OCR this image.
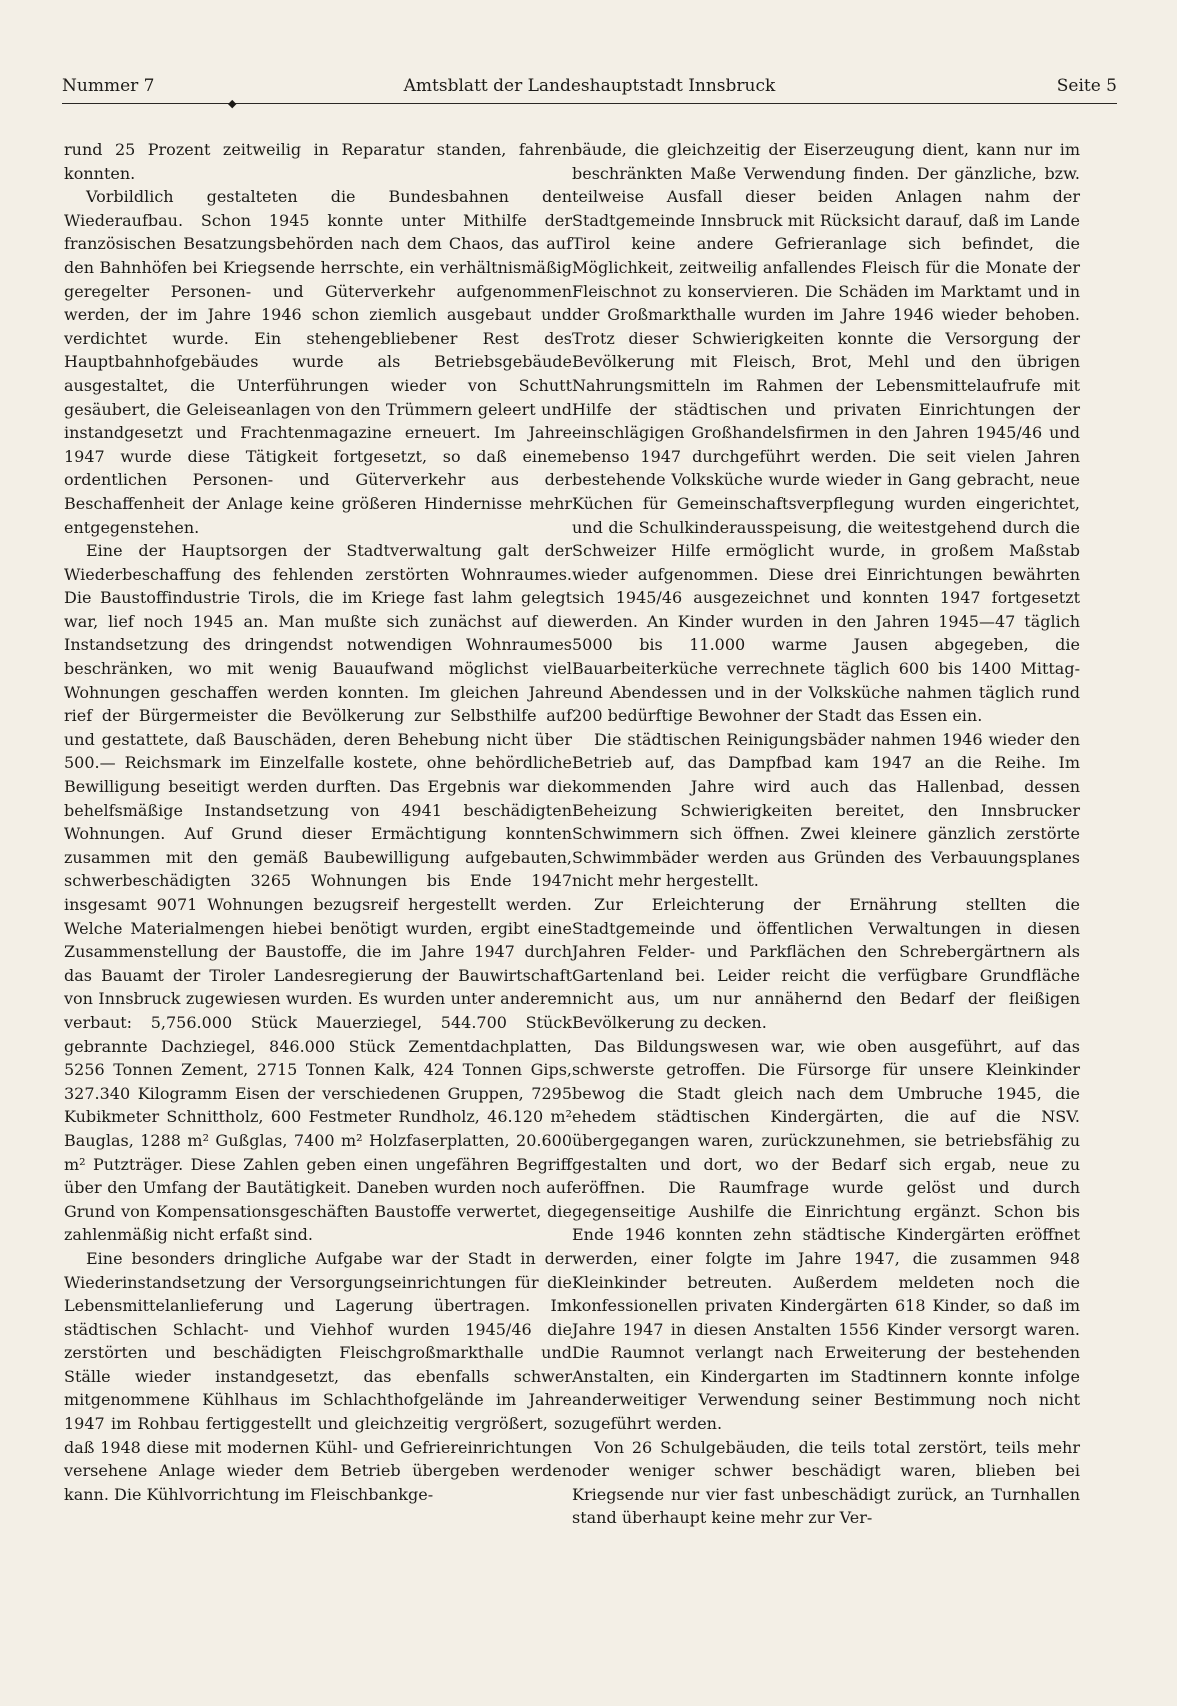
Nummer 7	Amtsblatt der Landeshauptstadt Innsbruck	Seite 5
◆

rund 25 Prozent zeitweilig in Reparatur standen, fahren konnten.

Vorbildlich gestalteten die Bundesbahnen den Wiederaufbau. Schon 1945 konnte unter Mithilfe der französischen Besatzungsbehörden nach dem Chaos, das auf den Bahnhöfen bei Kriegsende herrschte, ein verhältnismäßig geregelter Personen- und Güterverkehr aufgenommen werden, der im Jahre 1946 schon ziemlich ausgebaut und verdichtet wurde. Ein stehengebliebener Rest des Hauptbahnhofgebäudes wurde als Betriebsgebäude ausgestaltet, die Unterführungen wieder von Schutt gesäubert, die Geleiseanlagen von den Trümmern geleert und instandgesetzt und Frachtenmagazine erneuert. Im Jahre 1947 wurde diese Tätigkeit fortgesetzt, so daß einem ordentlichen Personen- und Güterverkehr aus der Beschaffenheit der Anlage keine größeren Hindernisse mehr entgegenstehen.

Eine der Hauptsorgen der Stadtverwaltung galt der Wiederbeschaffung des fehlenden zerstörten Wohnraumes. Die Baustoffindustrie Tirols, die im Kriege fast lahm gelegt war, lief noch 1945 an. Man mußte sich zunächst auf die Instandsetzung des dringendst notwendigen Wohnraumes beschränken, wo mit wenig Bauaufwand möglichst viel Wohnungen geschaffen werden konnten. Im gleichen Jahre rief der Bürgermeister die Bevölkerung zur Selbsthilfe auf und gestattete, daß Bauschäden, deren Behebung nicht über 500.— Reichsmark im Einzelfalle kostete, ohne behördliche Bewilligung beseitigt werden durften. Das Ergebnis war die behelfsmäßige Instandsetzung von 4941 beschädigten Wohnungen. Auf Grund dieser Ermächtigung konnten zusammen mit den gemäß Baubewilligung aufgebauten, schwerbeschädigten 3265 Wohnungen bis Ende 1947 insgesamt 9071 Wohnungen bezugsreif hergestellt werden. Welche Materialmengen hiebei benötigt wurden, ergibt eine Zusammenstellung der Baustoffe, die im Jahre 1947 durch das Bauamt der Tiroler Landesregierung der Bauwirtschaft von Innsbruck zugewiesen wurden. Es wurden unter anderem verbaut: 5,756.000 Stück Mauerziegel, 544.700 Stück gebrannte Dachziegel, 846.000 Stück Zementdachplatten, 5256 Tonnen Zement, 2715 Tonnen Kalk, 424 Tonnen Gips, 327.340 Kilogramm Eisen der verschiedenen Gruppen, 7295 Kubikmeter Schnittholz, 600 Festmeter Rundholz, 46.120 m² Bauglas, 1288 m² Gußglas, 7400 m² Holzfaserplatten, 20.600 m² Putzträger. Diese Zahlen geben einen ungefähren Begriff über den Umfang der Bautätigkeit. Daneben wurden noch auf Grund von Kompensationsgeschäften Baustoffe verwertet, die zahlenmäßig nicht erfaßt sind.

Eine besonders dringliche Aufgabe war der Stadt in der Wiederinstandsetzung der Versorgungseinrichtungen für die Lebensmittelanlieferung und Lagerung übertragen. Im städtischen Schlacht- und Viehhof wurden 1945/46 die zerstörten und beschädigten Fleischgroßmarkthalle und Ställe wieder instandgesetzt, das ebenfalls schwer mitgenommene Kühlhaus im Schlachthofgelände im Jahre 1947 im Rohbau fertiggestellt und gleichzeitig vergrößert, so daß 1948 diese mit modernen Kühl- und Gefriereinrichtungen versehene Anlage wieder dem Betrieb übergeben werden kann. Die Kühlvorrichtung im Fleischbankge-

bäude, die gleichzeitig der Eiserzeugung dient, kann nur im beschränkten Maße Verwendung finden. Der gänzliche, bzw. teilweise Ausfall dieser beiden Anlagen nahm der Stadtgemeinde Innsbruck mit Rücksicht darauf, daß im Lande Tirol keine andere Gefrieranlage sich befindet, die Möglichkeit, zeitweilig anfallendes Fleisch für die Monate der Fleischnot zu konservieren. Die Schäden im Marktamt und in der Großmarkthalle wurden im Jahre 1946 wieder behoben. Trotz dieser Schwierigkeiten konnte die Versorgung der Bevölkerung mit Fleisch, Brot, Mehl und den übrigen Nahrungsmitteln im Rahmen der Lebensmittelaufrufe mit Hilfe der städtischen und privaten Einrichtungen der einschlägigen Großhandelsfirmen in den Jahren 1945/46 und ebenso 1947 durchgeführt werden. Die seit vielen Jahren bestehende Volksküche wurde wieder in Gang gebracht, neue Küchen für Gemeinschaftsverpflegung wurden eingerichtet, und die Schulkinderausspeisung, die weitestgehend durch die Schweizer Hilfe ermöglicht wurde, in großem Maßstab wieder aufgenommen. Diese drei Einrichtungen bewährten sich 1945/46 ausgezeichnet und konnten 1947 fortgesetzt werden. An Kinder wurden in den Jahren 1945—47 täglich 5000 bis 11.000 warme Jausen abgegeben, die Bauarbeiterküche verrechnete täglich 600 bis 1400 Mittag- und Abendessen und in der Volksküche nahmen täglich rund 200 bedürftige Bewohner der Stadt das Essen ein.

Die städtischen Reinigungsbäder nahmen 1946 wieder den Betrieb auf, das Dampfbad kam 1947 an die Reihe. Im kommenden Jahre wird auch das Hallenbad, dessen Beheizung Schwierigkeiten bereitet, den Innsbrucker Schwimmern sich öffnen. Zwei kleinere gänzlich zerstörte Schwimmbäder werden aus Gründen des Verbauungsplanes nicht mehr hergestellt.

Zur Erleichterung der Ernährung stellten die Stadtgemeinde und öffentlichen Verwaltungen in diesen Jahren Felder- und Parkflächen den Schrebergärtnern als Gartenland bei. Leider reicht die verfügbare Grundfläche nicht aus, um nur annähernd den Bedarf der fleißigen Bevölkerung zu decken.

Das Bildungswesen war, wie oben ausgeführt, auf das schwerste getroffen. Die Fürsorge für unsere Kleinkinder bewog die Stadt gleich nach dem Umbruche 1945, die ehedem städtischen Kindergärten, die auf die NSV. übergegangen waren, zurückzunehmen, sie betriebsfähig zu gestalten und dort, wo der Bedarf sich ergab, neue zu eröffnen. Die Raumfrage wurde gelöst und durch gegenseitige Aushilfe die Einrichtung ergänzt. Schon bis Ende 1946 konnten zehn städtische Kindergärten eröffnet werden, einer folgte im Jahre 1947, die zusammen 948 Kleinkinder betreuten. Außerdem meldeten noch die konfessionellen privaten Kindergärten 618 Kinder, so daß im Jahre 1947 in diesen Anstalten 1556 Kinder versorgt waren. Die Raumnot verlangt nach Erweiterung der bestehenden Anstalten, ein Kindergarten im Stadtinnern konnte infolge anderweitiger Verwendung seiner Bestimmung noch nicht zugeführt werden.

Von 26 Schulgebäuden, die teils total zerstört, teils mehr oder weniger schwer beschädigt waren, blieben bei Kriegsende nur vier fast unbeschädigt zurück, an Turnhallen stand überhaupt keine mehr zur Ver-
